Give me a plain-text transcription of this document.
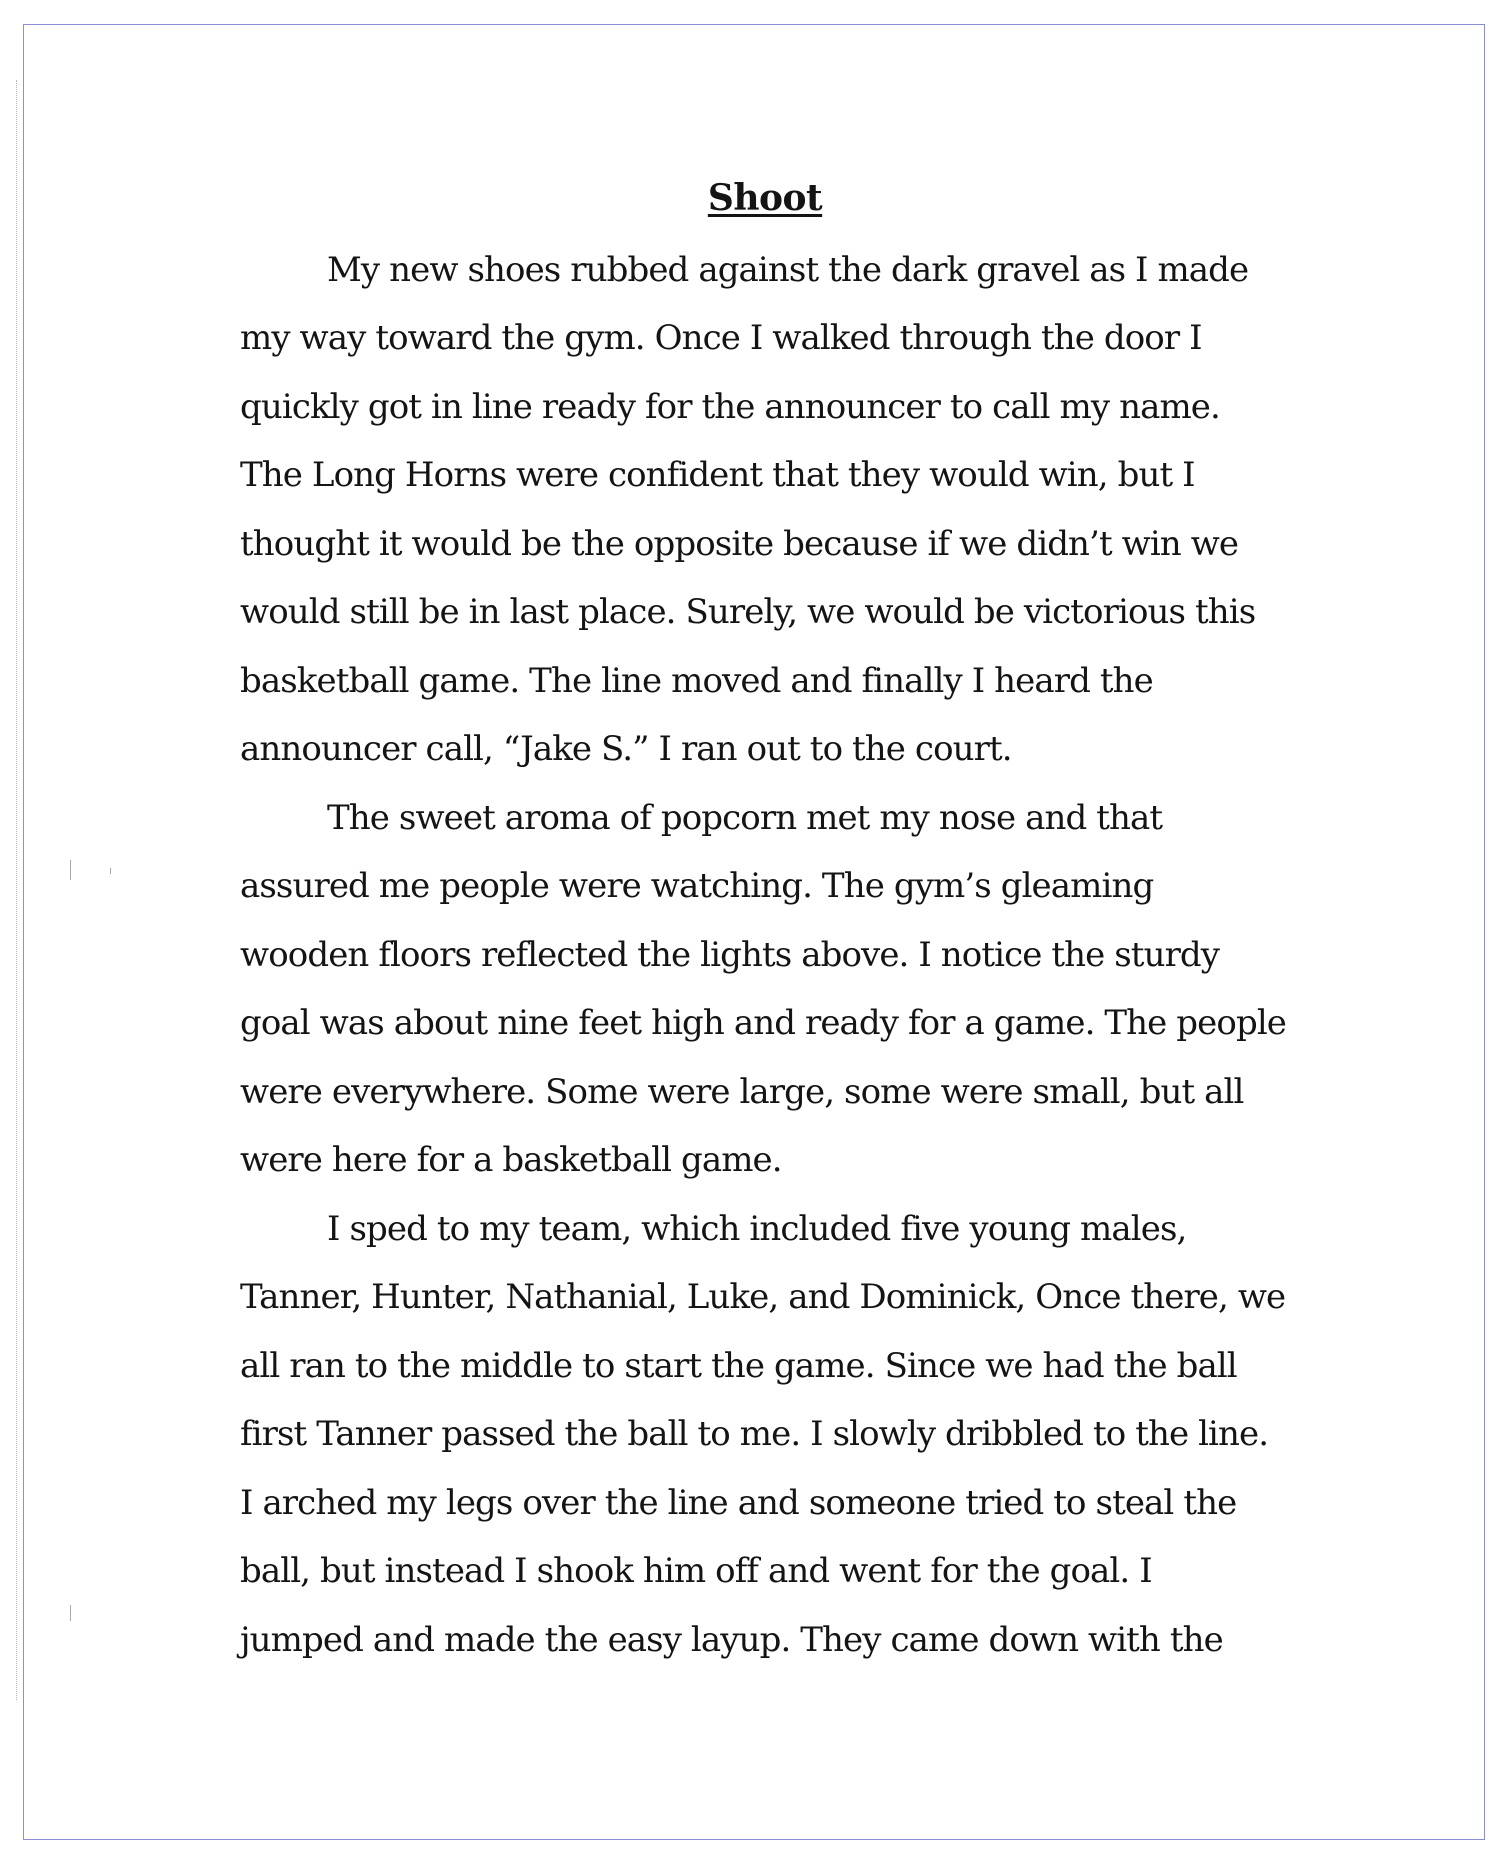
Shoot
My new shoes rubbed against the dark gravel as I made
my way toward the gym. Once I walked through the door I
quickly got in line ready for the announcer to call my name.
The Long Horns were confident that they would win, but I
thought it would be the opposite because if we didn’t win we
would still be in last place. Surely, we would be victorious this
basketball game. The line moved and finally I heard the
announcer call, “Jake S.” I ran out to the court.
The sweet aroma of popcorn met my nose and that
assured me people were watching. The gym’s gleaming
wooden floors reflected the lights above. I notice the sturdy
goal was about nine feet high and ready for a game. The people
were everywhere. Some were large, some were small, but all
were here for a basketball game.
I sped to my team, which included five young males,
Tanner, Hunter, Nathanial, Luke, and Dominick, Once there, we
all ran to the middle to start the game. Since we had the ball
first Tanner passed the ball to me. I slowly dribbled to the line.
I arched my legs over the line and someone tried to steal the
ball, but instead I shook him off and went for the goal. I
jumped and made the easy layup. They came down with the
